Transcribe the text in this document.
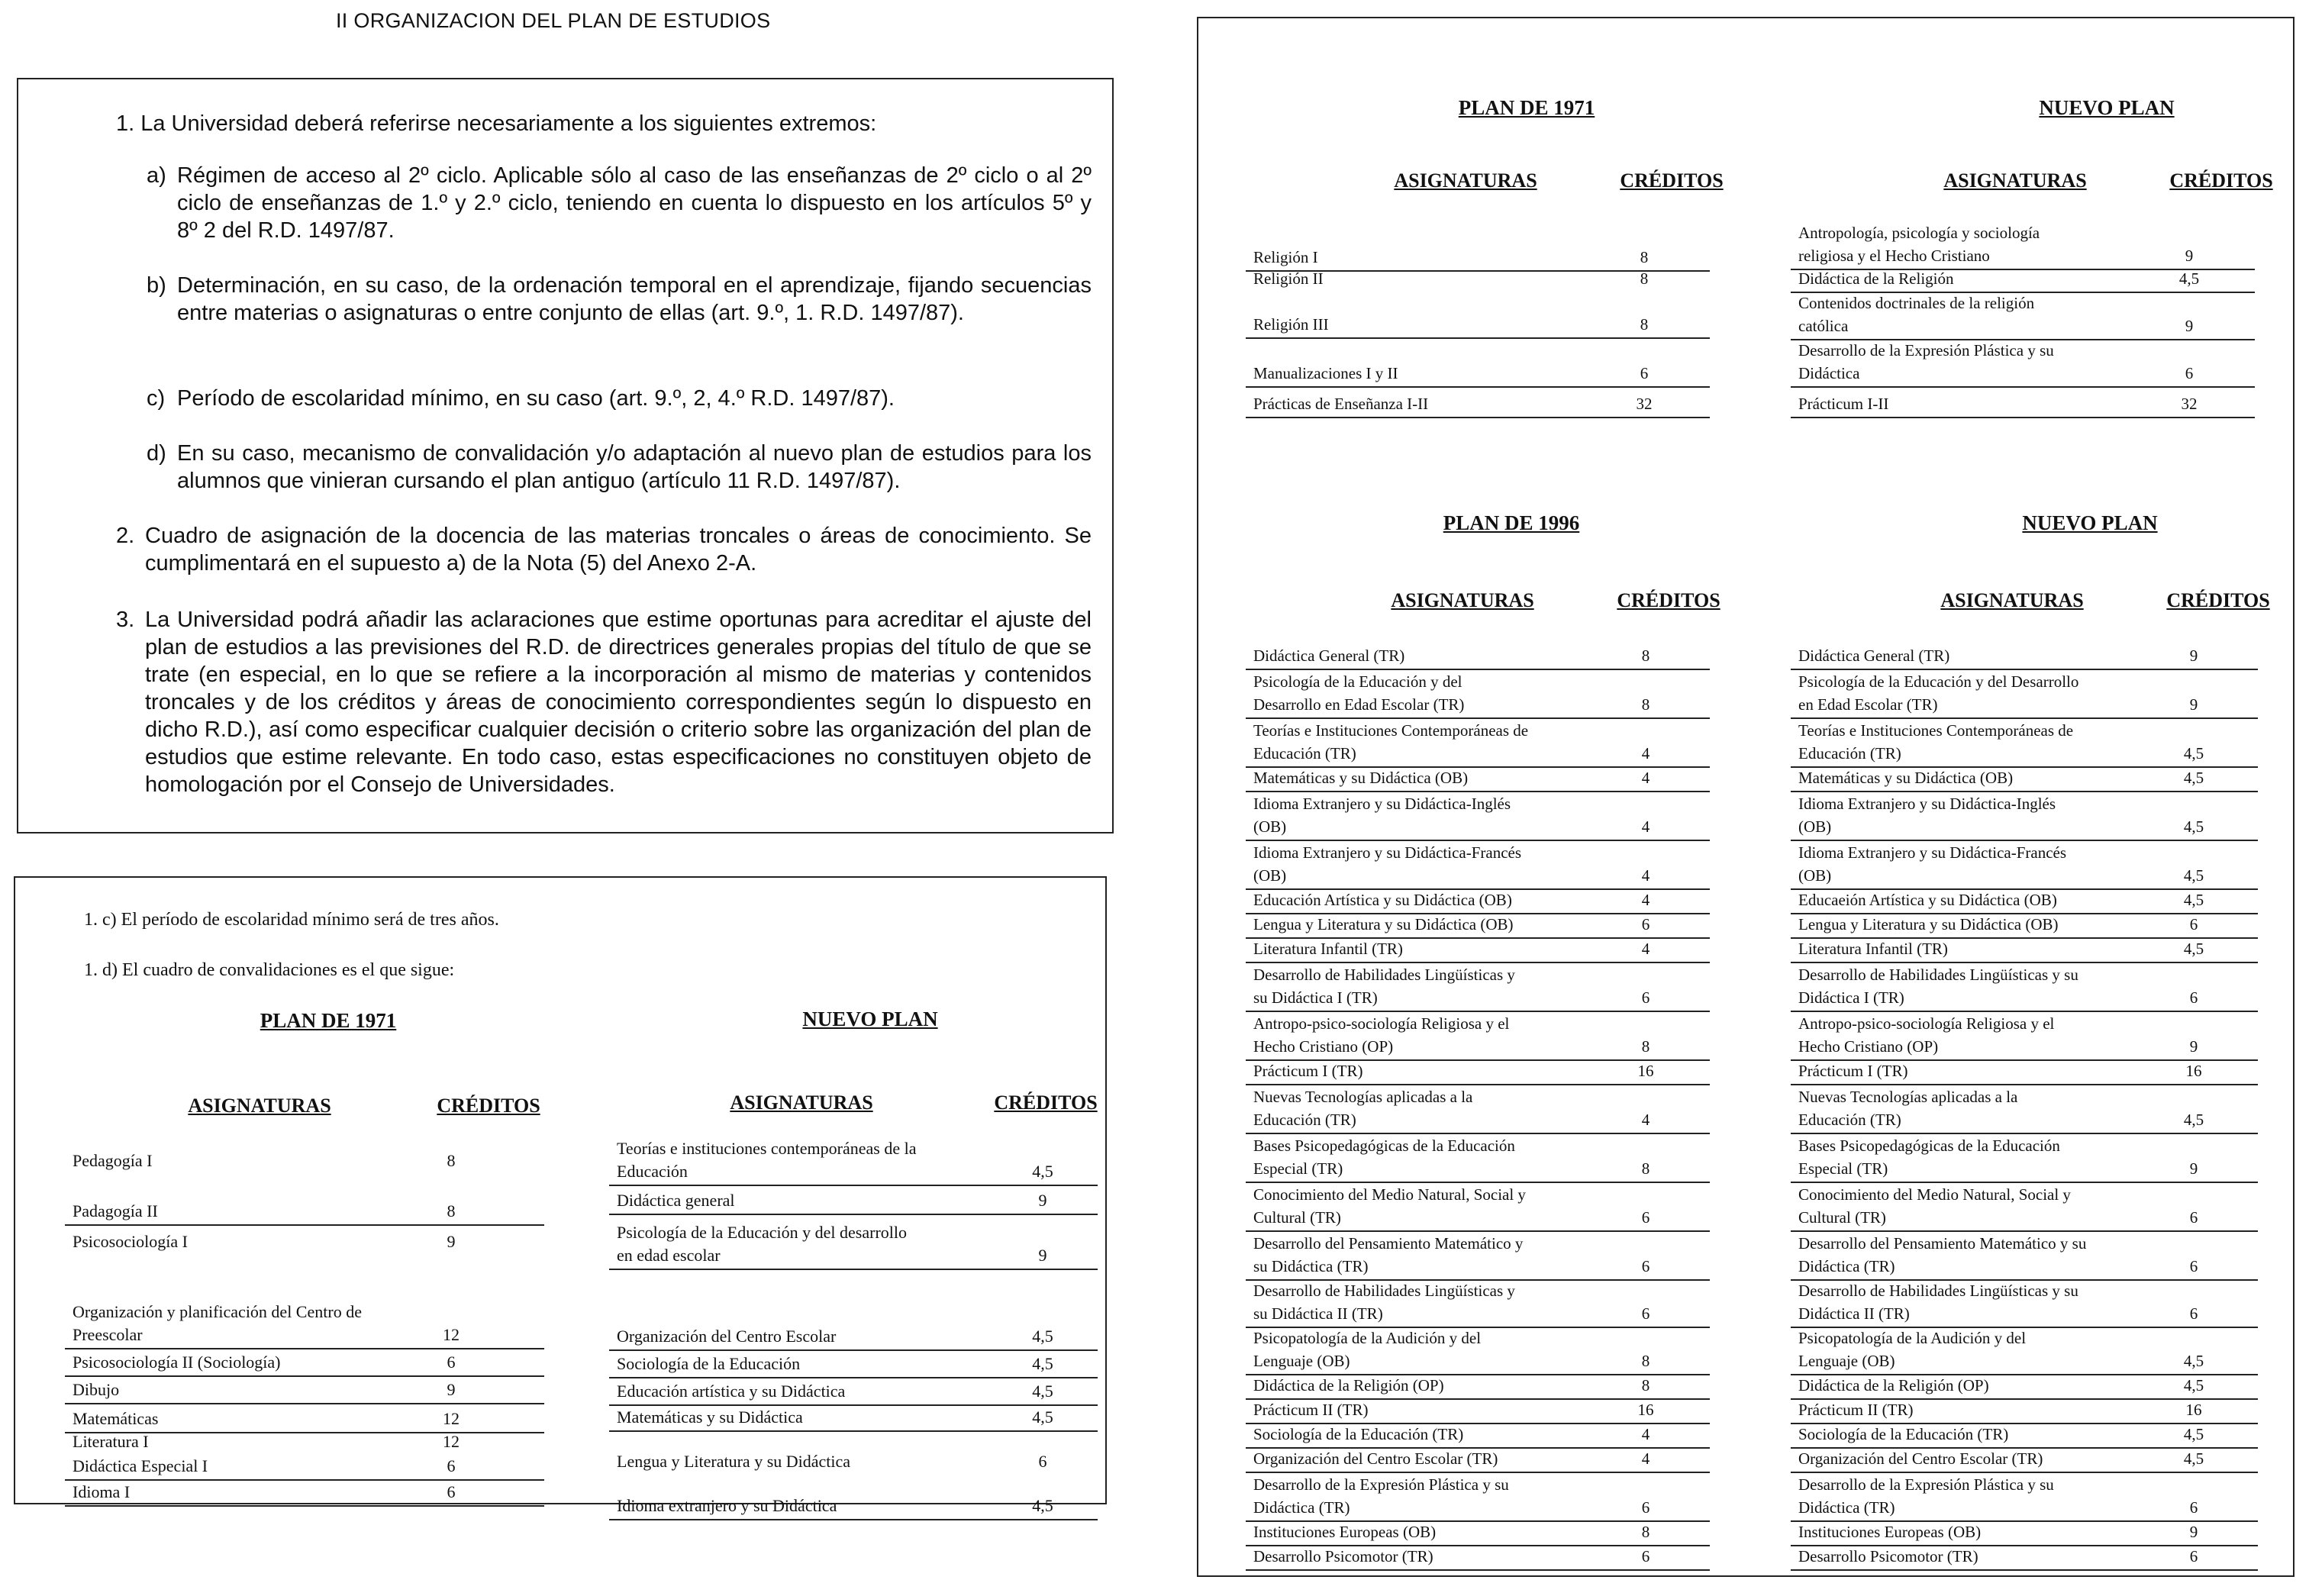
II ORGANIZACION DEL PLAN DE ESTUDIOS
1. La Universidad deberá referirse necesariamente a los siguientes extremos:
a) Régimen de acceso al 2º ciclo. Aplicable sólo al caso de las enseñanzas de 2º ciclo o al 2º ciclo de enseñanzas de 1.º y 2.º ciclo, teniendo en cuenta lo dispuesto en los artículos 5º y 8º 2 del R.D. 1497/87.
b) Determinación, en su caso, de la ordenación temporal en el aprendizaje, fijando secuencias entre materias o asignaturas o entre conjunto de ellas (art. 9.º, 1. R.D. 1497/87).
c) Período de escolaridad mínimo, en su caso (art. 9.º, 2, 4.º R.D. 1497/87).
d) En su caso, mecanismo de convalidación y/o adaptación al nuevo plan de estudios para los alumnos que vinieran cursando el plan antiguo (artículo 11 R.D. 1497/87).
2. Cuadro de asignación de la docencia de las materias troncales o áreas de conocimiento. Se cumplimentará en el supuesto a) de la Nota (5) del Anexo 2-A.
3. La Universidad podrá añadir las aclaraciones que estime oportunas para acreditar el ajuste del plan de estudios a las previsiones del R.D. de directrices generales propias del título de que se trate (en especial, en lo que se refiere a la incorporación al mismo de materias y contenidos troncales y de los créditos y áreas de conocimiento correspondientes según lo dispuesto en dicho R.D.), así como especificar cualquier decisión o criterio sobre las organización del plan de estudios que estime relevante. En todo caso, estas especificaciones no constituyen objeto de homologación por el Consejo de Universidades.
1. c) El período de escolaridad mínimo será de tres años.
1. d) El cuadro de convalidaciones es el que sigue:
PLAN DE 1971	NUEVO PLAN
ASIGNATURAS	CRÉDITOS	ASIGNATURAS	CRÉDITOS
Pedagogía I	8
Padagogía II	8
Psicosociología I	9
Organización y planificación del Centro de
Preescolar	12
Psicosociología II (Sociología)	6
Dibujo	9
Matemáticas	12
Literatura I	12
Didáctica Especial I	6
Idioma I	6
Teorías e instituciones contemporáneas de la
Educación	4,5
Didáctica general	9
Psicología de la Educación y del desarrollo
en edad escolar	9
Organización del Centro Escolar	4,5
Sociología de la Educación	4,5
Educación artística y su Didáctica	4,5
Matemáticas y su Didáctica	4,5
Lengua y Literatura y su Didáctica	6
Idioma extranjero y su Didáctica	4,5
PLAN DE 1971	NUEVO PLAN
ASIGNATURAS	CRÉDITOS	ASIGNATURAS	CRÉDITOS
Religión I	8
Religión II	8
Religión III	8
Manualizaciones I y II	6
Prácticas de Enseñanza I-II	32
Antropología, psicología y sociología
religiosa y el Hecho Cristiano	9
Didáctica de la Religión	4,5
Contenidos doctrinales de la religión
católica	9
Desarrollo de la Expresión Plástica y su
Didáctica	6
Prácticum I-II	32
PLAN DE 1996	NUEVO PLAN
ASIGNATURAS	CRÉDITOS	ASIGNATURAS	CRÉDITOS
Didáctica General (TR)	8
Psicología de la Educación y del
Desarrollo en Edad Escolar (TR)	8
Teorías e Instituciones Contemporáneas de
Educación (TR)	4
Matemáticas y su Didáctica (OB)	4
Idioma Extranjero y su Didáctica-Inglés
(OB)	4
Idioma Extranjero y su Didáctica-Francés
(OB)	4
Educación Artística y su Didáctica (OB)	4
Lengua y Literatura y su Didáctica (OB)	6
Literatura Infantil (TR)	4
Desarrollo de Habilidades Lingüísticas y
su Didáctica I (TR)	6
Antropo-psico-sociología Religiosa y el
Hecho Cristiano (OP)	8
Prácticum I (TR)	16
Nuevas Tecnologías aplicadas a la
Educación (TR)	4
Bases Psicopedagógicas de la Educación
Especial (TR)	8
Conocimiento del Medio Natural, Social y
Cultural (TR)	6
Desarrollo del Pensamiento Matemático y
su Didáctica (TR)	6
Desarrollo de Habilidades Lingüísticas y
su Didáctica II (TR)	6
Psicopatología de la Audición y del
Lenguaje (OB)	8
Didáctica de la Religión (OP)	8
Prácticum II (TR)	16
Sociología de la Educación (TR)	4
Organización del Centro Escolar (TR)	4
Desarrollo de la Expresión Plástica y su
Didáctica (TR)	6
Instituciones Europeas (OB)	8
Desarrollo Psicomotor (TR)	6
Didáctica General (TR)	9
Psicología de la Educación y del Desarrollo
en Edad Escolar (TR)	9
Teorías e Instituciones Contemporáneas de
Educación (TR)	4,5
Matemáticas y su Didáctica (OB)	4,5
Idioma Extranjero y su Didáctica-Inglés
(OB)	4,5
Idioma Extranjero y su Didáctica-Francés
(OB)	4,5
Educaeión Artística y su Didáctica (OB)	4,5
Lengua y Literatura y su Didáctica (OB)	6
Literatura Infantil (TR)	4,5
Desarrollo de Habilidades Lingüísticas y su
Didáctica I (TR)	6
Antropo-psico-sociología Religiosa y el
Hecho Cristiano (OP)	9
Prácticum I (TR)	16
Nuevas Tecnologías aplicadas a la
Educación (TR)	4,5
Bases Psicopedagógicas de la Educación
Especial (TR)	9
Conocimiento del Medio Natural, Social y
Cultural (TR)	6
Desarrollo del Pensamiento Matemático y su
Didáctica (TR)	6
Desarrollo de Habilidades Lingüísticas y su
Didáctica II (TR)	6
Psicopatología de la Audición y del
Lenguaje (OB)	4,5
Didáctica de la Religión (OP)	4,5
Prácticum II (TR)	16
Sociología de la Educación (TR)	4,5
Organización del Centro Escolar (TR)	4,5
Desarrollo de la Expresión Plástica y su
Didáctica (TR)	6
Instituciones Europeas (OB)	9
Desarrollo Psicomotor (TR)	6
